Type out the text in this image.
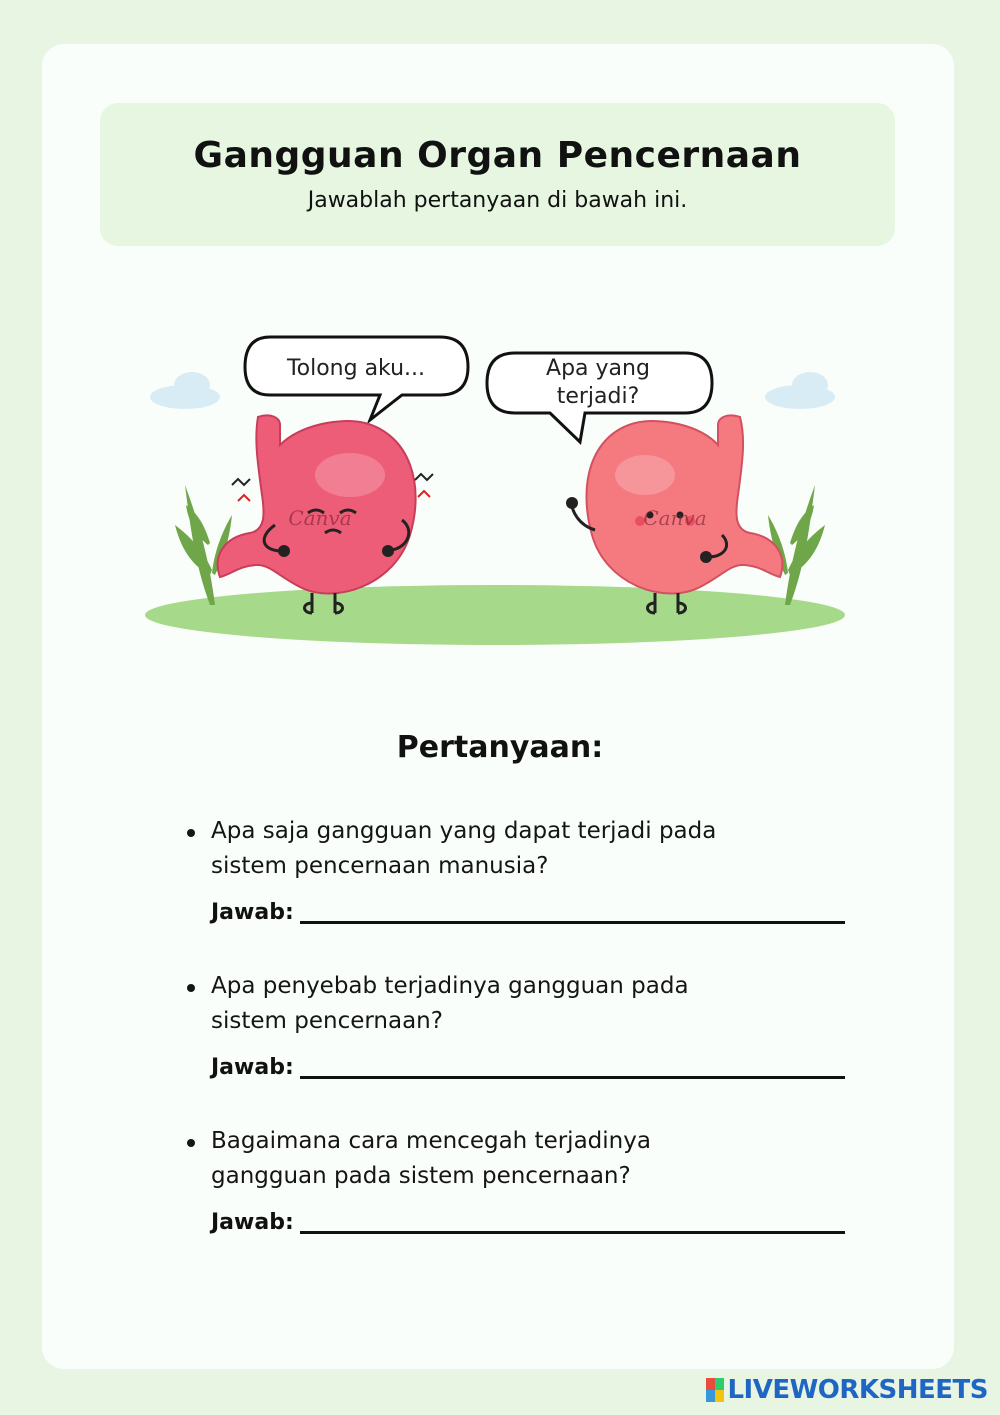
Gangguan Organ Pencernaan
Jawablah pertanyaan di bawah ini.
Tolong aku...	Apa yang
terjadi?
Canva	Canva
Pertanyaan:
Apa saja gangguan yang dapat terjadi pada
sistem pencernaan manusia?
Jawab:
Apa penyebab terjadinya gangguan pada
sistem pencernaan?
Jawab:
Bagaimana cara mencegah terjadinya
gangguan pada sistem pencernaan?
Jawab:
LIVEWORKSHEETS
